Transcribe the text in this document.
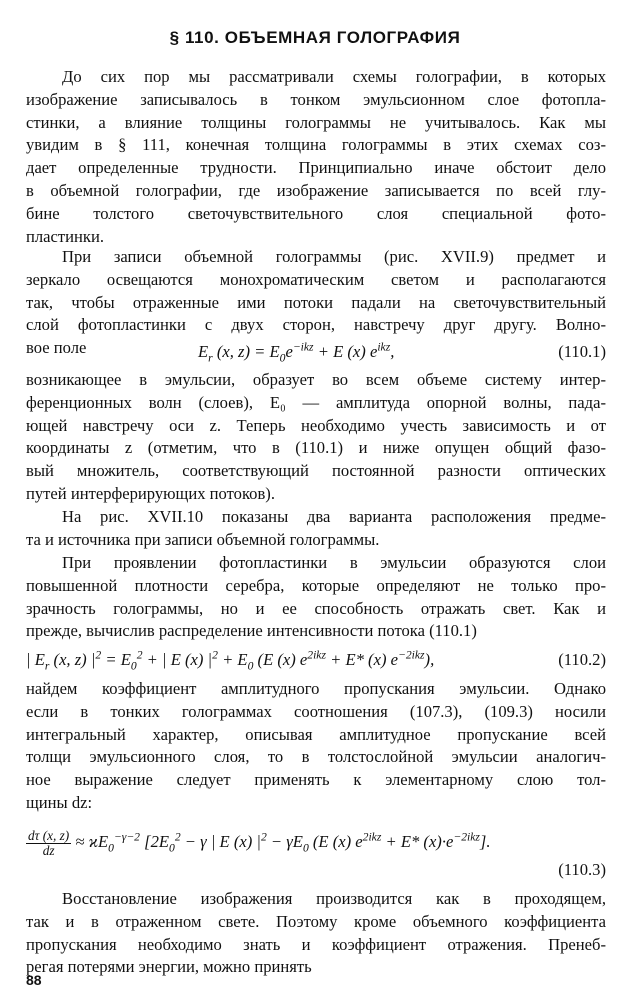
§ 110. ОБЪЕМНАЯ ГОЛОГРАФИЯ
До сих пор мы рассматривали схемы голографии, в которых
изображение записывалось в тонком эмульсионном слое фотопла-
стинки, а влияние толщины голограммы не учитывалось. Как мы
увидим в § 111, конечная толщина голограммы в этих схемах соз-
дает определенные трудности. Принципиально иначе обстоит дело
в объемной голографии, где изображение записывается по всей глу-
бине толстого светочувствительного слоя специальной фото-
пластинки.
При записи объемной голограммы (рис. XVII.9) предмет и
зеркало освещаются монохроматическим светом и располагаются
так, чтобы отраженные ими потоки падали на светочувствительный
слой фотопластинки с двух сторон, навстречу друг другу. Волно-
вое поле	$E_r$ (x, $z) = E_0e^{-ikz} + E$ (x) $e^{ikz}$,	(110.1)
возникающее в эмульсии, образует во всем объеме систему интер-
ференционных волн (слоев), E₀ — амплитуда опорной волны, пада-
ющей навстречу оси z. Теперь необходимо учесть зависимость и от
координаты z (отметим, что в (110.1) и ниже опущен общий фазо-
вый множитель, соответствующий постоянной разности оптических
путей интерферирующих потоков).
На рис. XVII.10 показаны два варианта расположения предме-
та и источника при записи объемной голограммы.
При проявлении фотопластинки в эмульсии образуются слои
повышенной плотности серебра, которые определяют не только про-
зрачность голограммы, но и ее способность отражать свет. Как и
прежде, вычислив распределение интенсивности потока (110.1)
| $E_r$ (x, z) $|^2 = E_0^2$ + | E (x) $|^2 + E_0$ (E (x) $e^{2ikz} + E*$ (x) $e^{-2ikz}$),	(110.2)
найдем коэффициент амплитудного пропускания эмульсии. Однако
если в тонких голограммах соотношения (107.3), (109.3) носили
интегральный характер, описывая амплитудное пропускание всей
толщи эмульсионного слоя, то в толстослойной эмульсии аналогич-
ное выражение следует применять к элементарному слою тол-
щины dz:
$\frac{d\tau (x, z)}{dz} \approx ϰE_0^{-\gamma-2}$ [$2E_0^2 - \gamma$ | E (x) $|^2 - \gamma E_0$ (E (x) $e^{2ikz} + E*$ $(x)\cdot e^{-2ikz}$].
(110.3)
Восстановление изображения производится как в проходящем,
так и в отраженном свете. Поэтому кроме объемного коэффициента
пропускания необходимо знать и коэффициент отражения. Пренеб-
регая потерями энергии, можно принять
88
